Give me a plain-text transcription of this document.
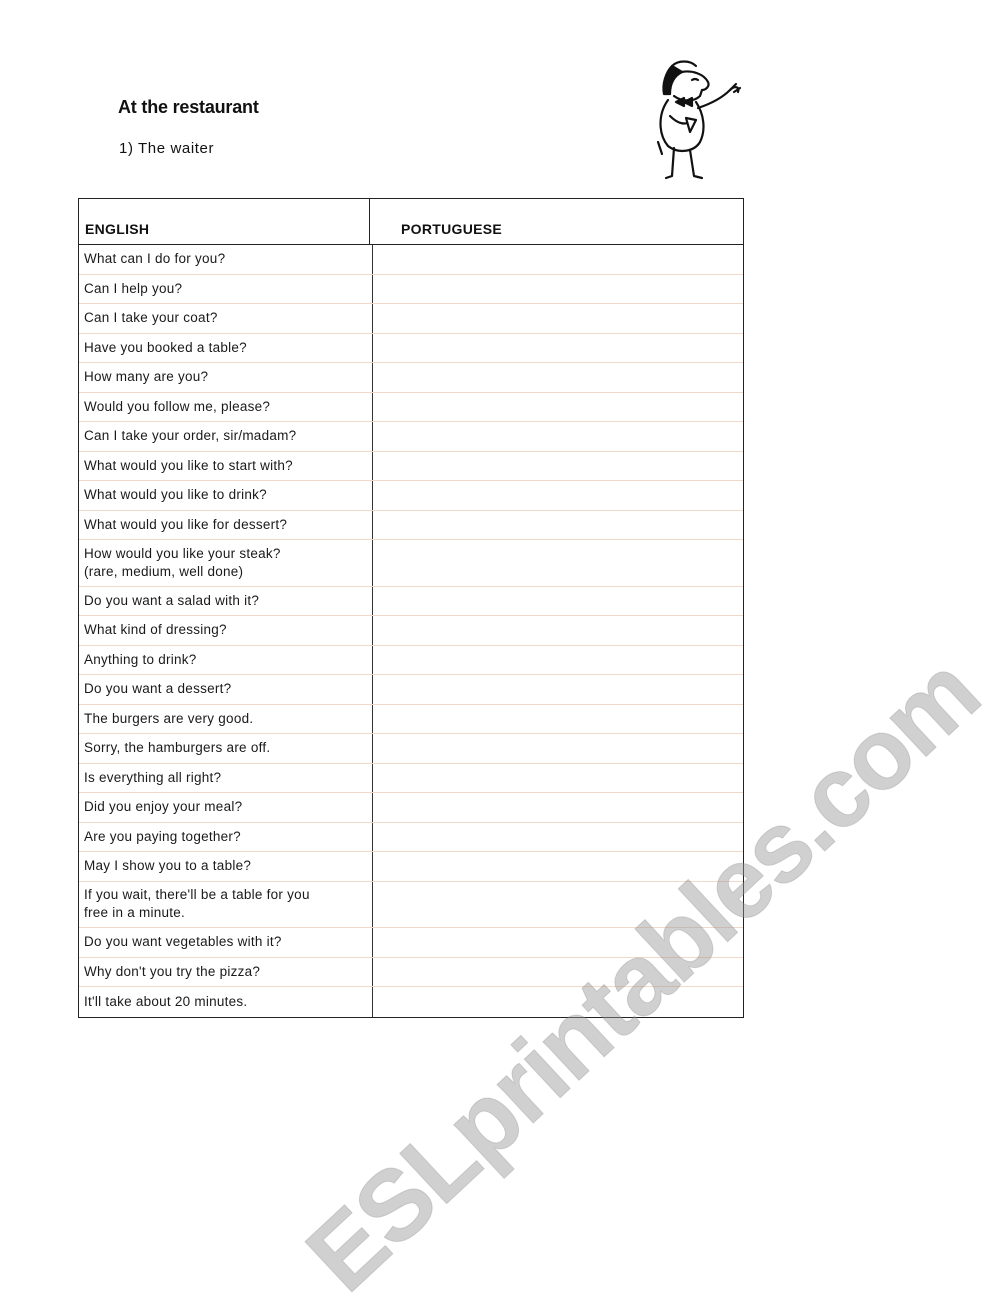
At the restaurant

1) The waiter

ENGLISH	PORTUGUESE
What can I do for you?
Can I help you?
Can I take your coat?
Have you booked a table?
How many are you?
Would you follow me, please?
Can I take your order, sir/madam?
What would you like to start with?
What would you like to drink?
What would you like for dessert?
How would you like your steak?
(rare, medium, well done)
Do you want a salad with it?
What kind of dressing?
Anything to drink?
Do you want a dessert?
The burgers are very good.
Sorry, the hamburgers are off.
Is everything all right?
Did you enjoy your meal?
Are you paying together?
May I show you to a table?
If you wait, there'll be a table for you
free in a minute.
Do you want vegetables with it?
Why don't you try the pizza?
It'll take about 20 minutes. ESLprintables.com
